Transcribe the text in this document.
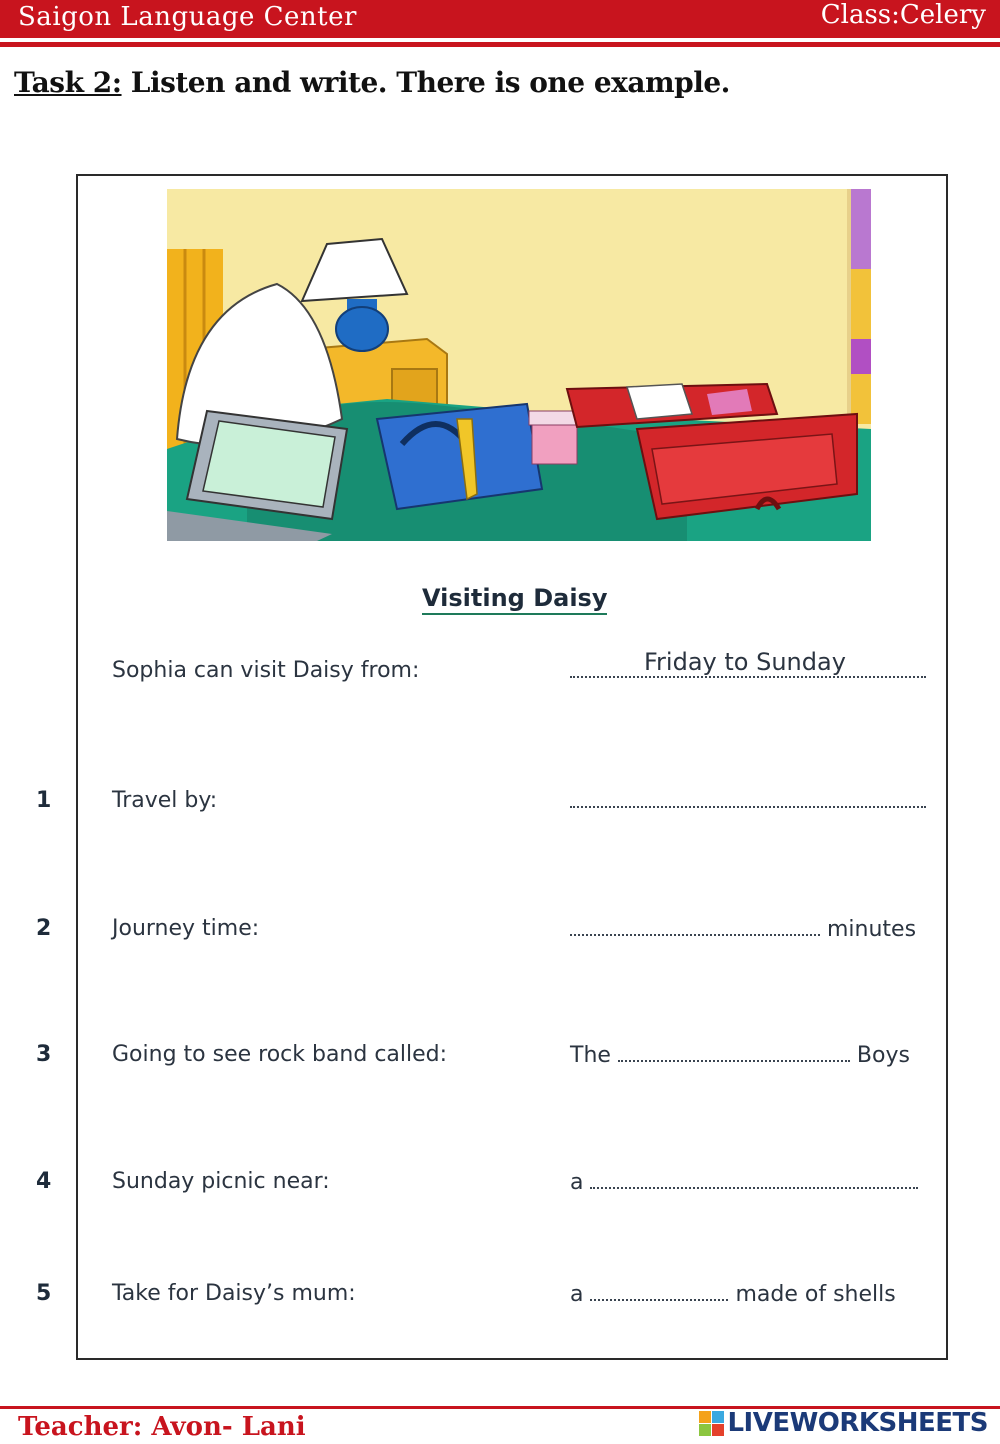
Saigon Language Center	Class:Celery
Task 2: Listen and write. There is one example.
Visiting Daisy
Sophia can visit Daisy from:	Friday to Sunday
1	Travel by:
2	Journey time:	minutes
3	Going to see rock band called:	The	Boys
4	Sunday picnic near:	a
5	Take for Daisy’s mum:	a	made of shells
Teacher: Avon- Lani	LIVEWORKSHEETS
